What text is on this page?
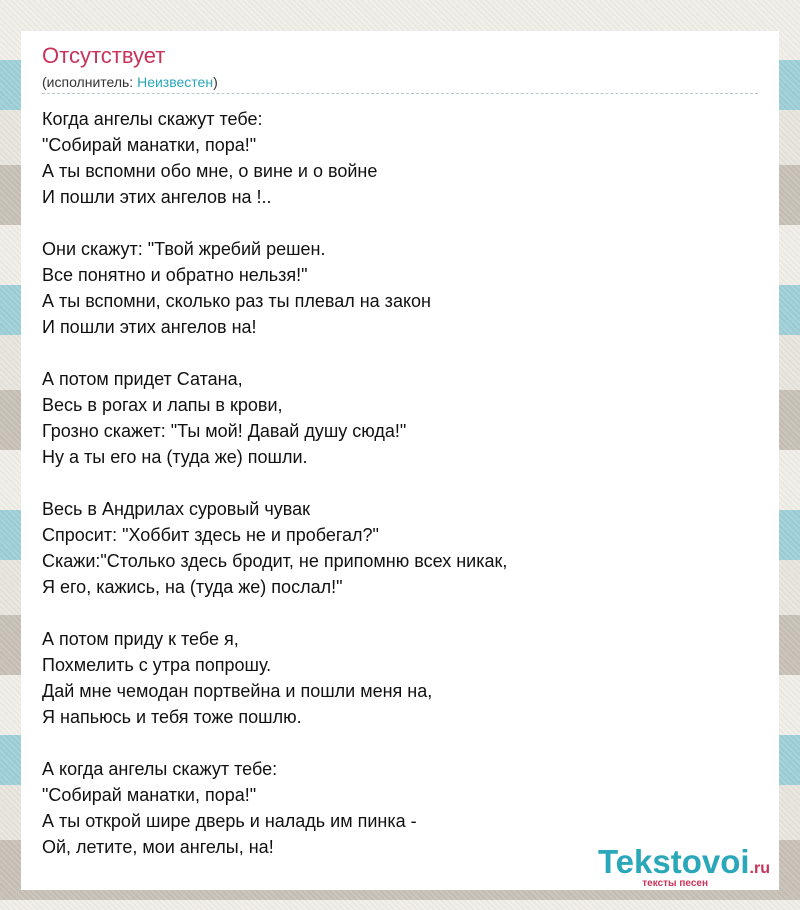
Отсутствует
(исполнитель: Неизвестен)
Когда ангелы скажут тебе:
"Собирай манатки, пора!"
А ты вспомни обо мне, о вине и о войне
И пошли этих ангелов на !..
Они скажут: "Твой жребий решен.
Все понятно и обратно нельзя!"
А ты вспомни, сколько раз ты плевал на закон
И пошли этих ангелов на!
А потом придет Сатана,
Весь в рогах и лапы в крови,
Грозно скажет: "Ты мой! Давай душу сюда!"
Ну а ты его на (туда же) пошли.
Весь в Андрилах суровый чувак
Спросит: "Хоббит здесь не и пробегал?"
Скажи:"Столько здесь бродит, не припомню всех никак,
Я его, кажись, на (туда же) послал!"
А потом приду к тебе я,
Похмелить с утра попрошу.
Дай мне чемодан портвейна и пошли меня на,
Я напьюсь и тебя тоже пошлю.
А когда ангелы скажут тебе:
"Собирай манатки, пора!"
А ты открой шире дверь и наладь им пинка -
Ой, летите, мои ангелы, на!	Tekstovoi.ru
тексты песен
